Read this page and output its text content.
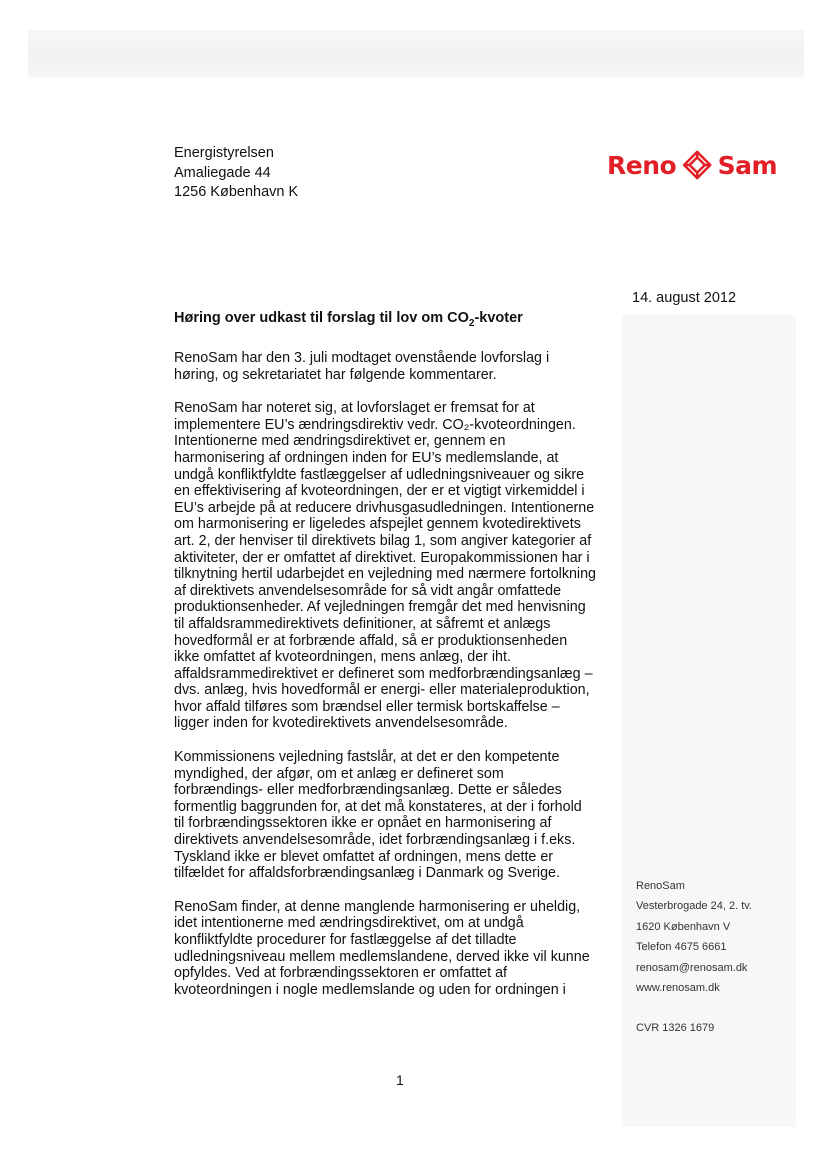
Energistyrelsen
Amaliegade 44
1256 København K
Reno Sam
14. august 2012
Høring over udkast til forslag til lov om $CO_2$-kvoter

RenoSam har den 3. juli modtaget ovenstående lovforslag i
høring, og sekretariatet har følgende kommentarer.

RenoSam har noteret sig, at lovforslaget er fremsat for at
implementere EU’s ændringsdirektiv vedr. CO₂-kvoteordningen.
Intentionerne med ændringsdirektivet er, gennem en
harmonisering af ordningen inden for EU’s medlemslande, at
undgå konfliktfyldte fastlæggelser af udledningsniveauer og sikre
en effektivisering af kvoteordningen, der er et vigtigt virkemiddel i
EU’s arbejde på at reducere drivhusgasudledningen. Intentionerne
om harmonisering er ligeledes afspejlet gennem kvotedirektivets
art. 2, der henviser til direktivets bilag 1, som angiver kategorier af
aktiviteter, der er omfattet af direktivet. Europakommissionen har i
tilknytning hertil udarbejdet en vejledning med nærmere fortolkning
af direktivets anvendelsesområde for så vidt angår omfattede
produktionsenheder. Af vejledningen fremgår det med henvisning
til affaldsrammedirektivets definitioner, at såfremt et anlægs
hovedformål er at forbrænde affald, så er produktionsenheden
ikke omfattet af kvoteordningen, mens anlæg, der iht.
affaldsrammedirektivet er defineret som medforbrændingsanlæg –
dvs. anlæg, hvis hovedformål er energi- eller materialeproduktion,
hvor affald tilføres som brændsel eller termisk bortskaffelse –
ligger inden for kvotedirektivets anvendelsesområde.

Kommissionens vejledning fastslår, at det er den kompetente
myndighed, der afgør, om et anlæg er defineret som
forbrændings- eller medforbrændingsanlæg. Dette er således
formentlig baggrunden for, at det må konstateres, at der i forhold
til forbrændingssektoren ikke er opnået en harmonisering af
direktivets anvendelsesområde, idet forbrændingsanlæg i f.eks.
Tyskland ikke er blevet omfattet af ordningen, mens dette er
tilfældet for affaldsforbrændingsanlæg i Danmark og Sverige.

RenoSam finder, at denne manglende harmonisering er uheldig,
idet intentionerne med ændringsdirektivet, om at undgå
konfliktfyldte procedurer for fastlæggelse af det tilladte
udledningsniveau mellem medlemslandene, derved ikke vil kunne
opfyldes. Ved at forbrændingssektoren er omfattet af
kvoteordningen i nogle medlemslande og uden for ordningen i

RenoSam
Vesterbrogade 24, 2. tv.
1620 København V
Telefon 4675 6661
renosam@renosam.dk
www.renosam.dk
CVR 1326 1679
1
